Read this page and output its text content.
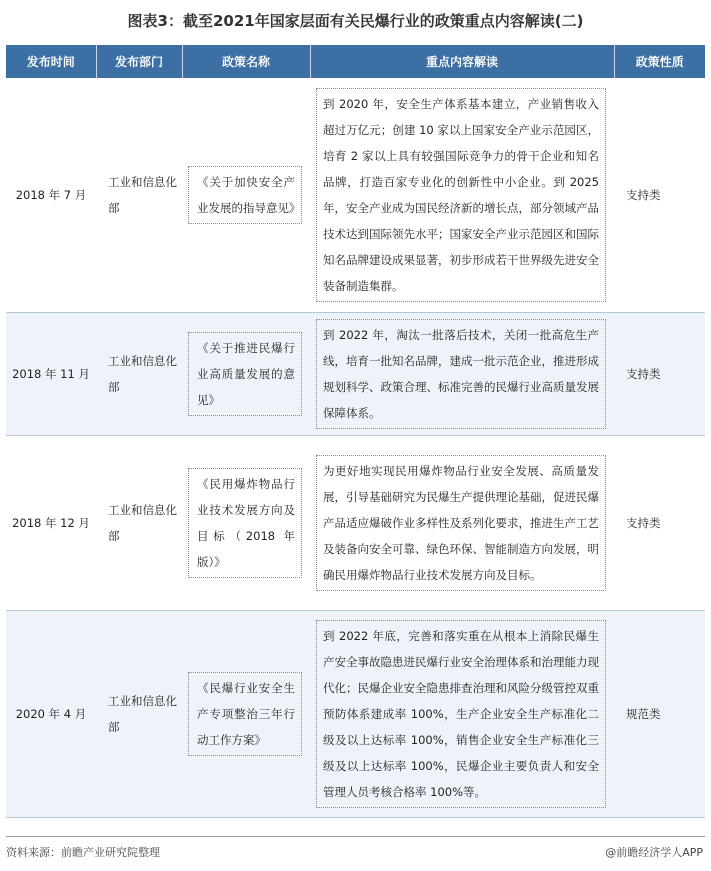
图表3：截至2021年国家层面有关民爆行业的政策重点内容解读(二)
发布时间	发布部门	政策名称	重点内容解读	政策性质
2018 年 7 月	工业和信息化部	《关于加快安全产业发展的指导意见》	到 2020 年，安全生产体系基本建立，产业销售收入超过万亿元；创建 10 家以上国家安全产业示范园区，培育 2 家以上具有较强国际竞争力的骨干企业和知名品牌，打造百家专业化的创新性中小企业。到 2025 年，安全产业成为国民经济新的增长点，部分领域产品技术达到国际领先水平；国家安全产业示范园区和国际知名品牌建设成果显著，初步形成若干世界级先进安全装备制造集群。	支持类
2018 年 11 月	工业和信息化部	《关于推进民爆行业高质量发展的意见》	到 2022 年，淘汰一批落后技术，关闭一批高危生产线，培育一批知名品牌，建成一批示范企业，推进形成规划科学、政策合理、标准完善的民爆行业高质量发展保障体系。	支持类
2018 年 12 月	工业和信息化部	《民用爆炸物品行业技术发展方向及目标（2018 年版）》	为更好地实现民用爆炸物品行业安全发展、高质量发展，引导基础研究为民爆生产提供理论基础，促进民爆产品适应爆破作业多样性及系列化要求，推进生产工艺及装备向安全可靠、绿色环保、智能制造方向发展，明确民用爆炸物品行业技术发展方向及目标。	支持类
2020 年 4 月	工业和信息化部	《民爆行业安全生产专项整治三年行动工作方案》	到 2022 年底，完善和落实重在从根本上消除民爆生产安全事故隐患进民爆行业安全治理体系和治理能力现代化；民爆企业安全隐患排查治理和风险分级管控双重预防体系建成率 100%，生产企业安全生产标准化二级及以上达标率 100%，销售企业安全生产标准化三级及以上达标率 100%，民爆企业主要负责人和安全管理人员考核合格率 100%等。	规范类
资料来源：前瞻产业研究院整理	@前瞻经济学人APP
